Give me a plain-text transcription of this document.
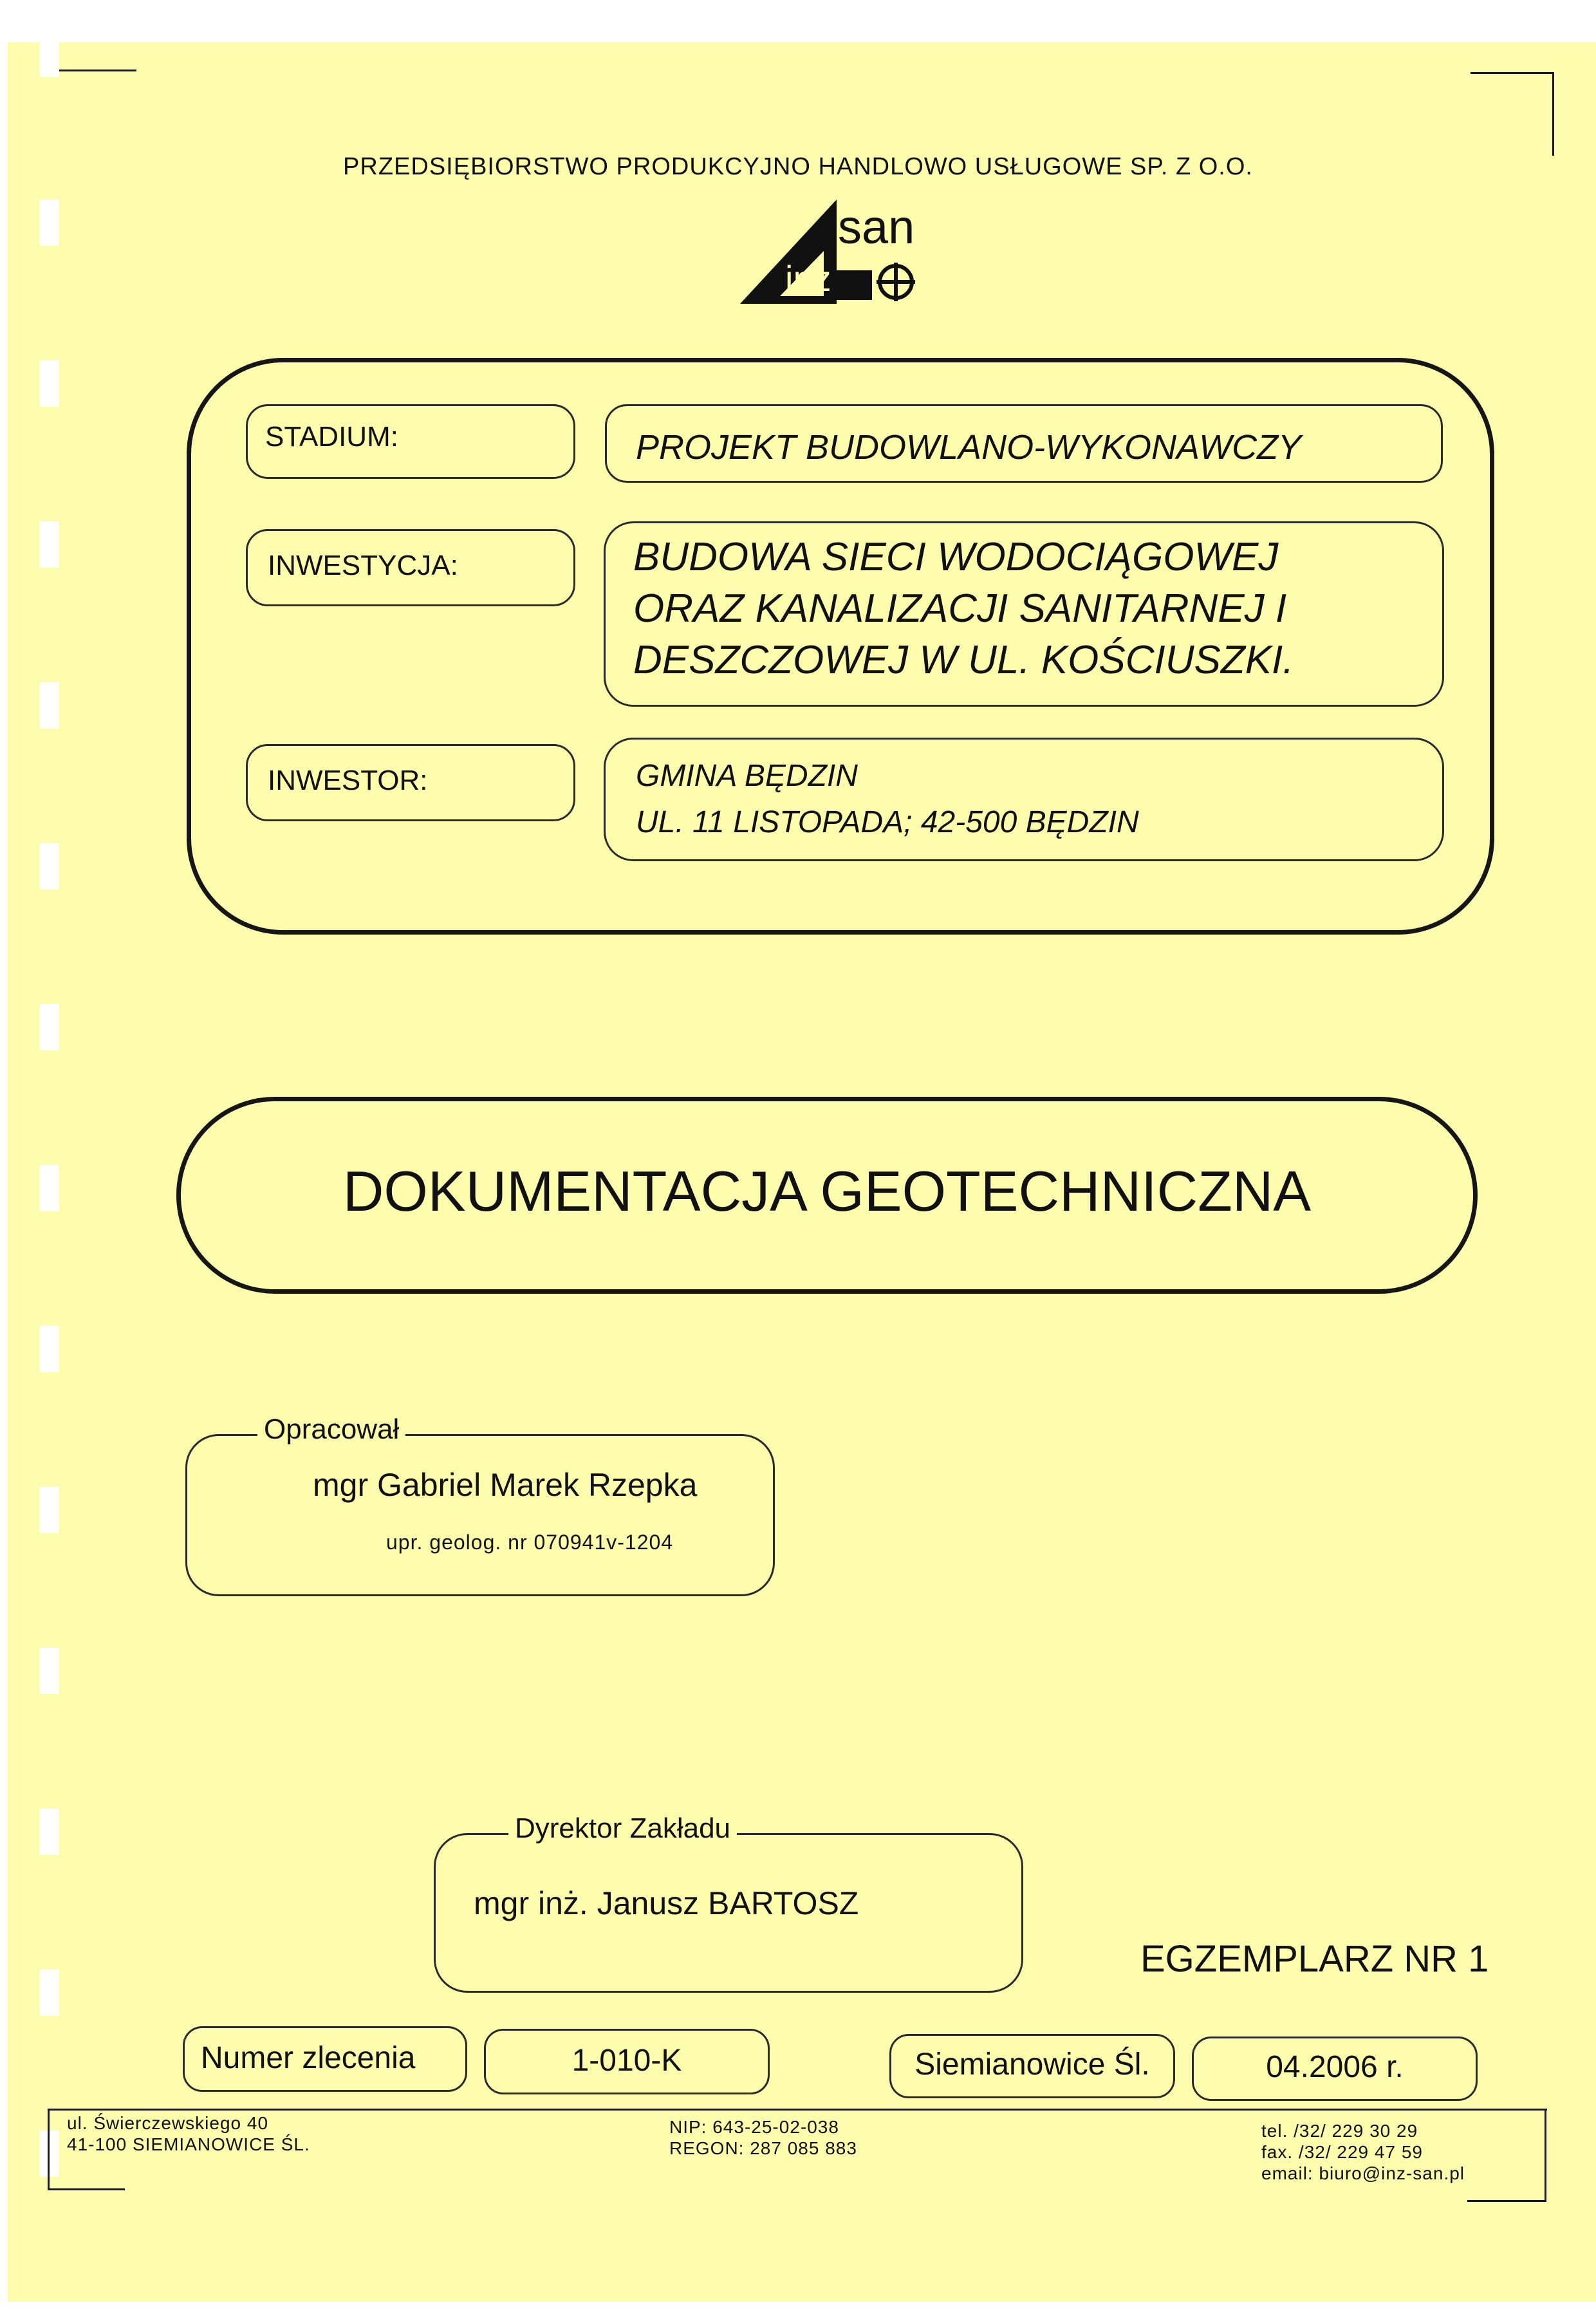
PRZEDSIĘBIORSTWO PRODUKCYJNO HANDLOWO USŁUGOWE SP. Z O.O.
san
inż
STADIUM:	PROJEKT BUDOWLANO-WYKONAWCZY
INWESTYCJA:	BUDOWA SIECI WODOCIĄGOWEJ
ORAZ KANALIZACJI SANITARNEJ I
DESZCZOWEJ W UL. KOŚCIUSZKI.
INWESTOR:	GMINA BĘDZIN
UL. 11 LISTOPADA; 42-500 BĘDZIN
DOKUMENTACJA GEOTECHNICZNA
Opracował
mgr Gabriel Marek Rzepka
upr. geolog. nr 070941v-1204
Dyrektor Zakładu
mgr inż. Janusz BARTOSZ
EGZEMPLARZ NR 1
Numer zlecenia	1-010-K	Siemianowice Śl.	04.2006 r.
ul. Świerczewskiego 40
41-100 SIEMIANOWICE ŚL.
NIP: 643-25-02-038
REGON: 287 085 883
tel. /32/ 229 30 29
fax. /32/ 229 47 59
email: biuro@inz-san.pl
